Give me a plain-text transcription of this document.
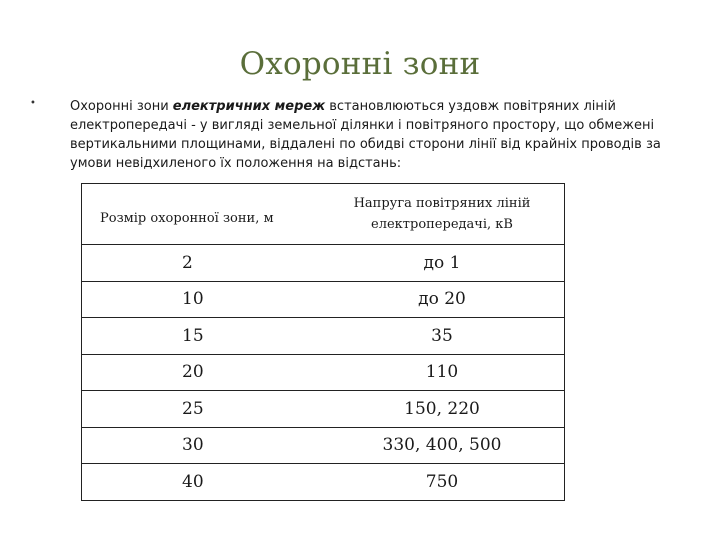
Охоронні зони
•	Охоронні зони електричних мереж встановлюються уздовж повітряних ліній електропередачі - у вигляді земельної ділянки і повітряного простору, що обмежені вертикальними площинами, віддалені по обидві сторони лінії від крайніх проводів за умови невідхиленого їх положення на відстань:
Розмір охоронної зони, м	Напруга повітряних ліній електропередачі, кВ
2	до 1
10	до 20
15	35
20	110
25	150, 220
30	330, 400, 500
40	750
